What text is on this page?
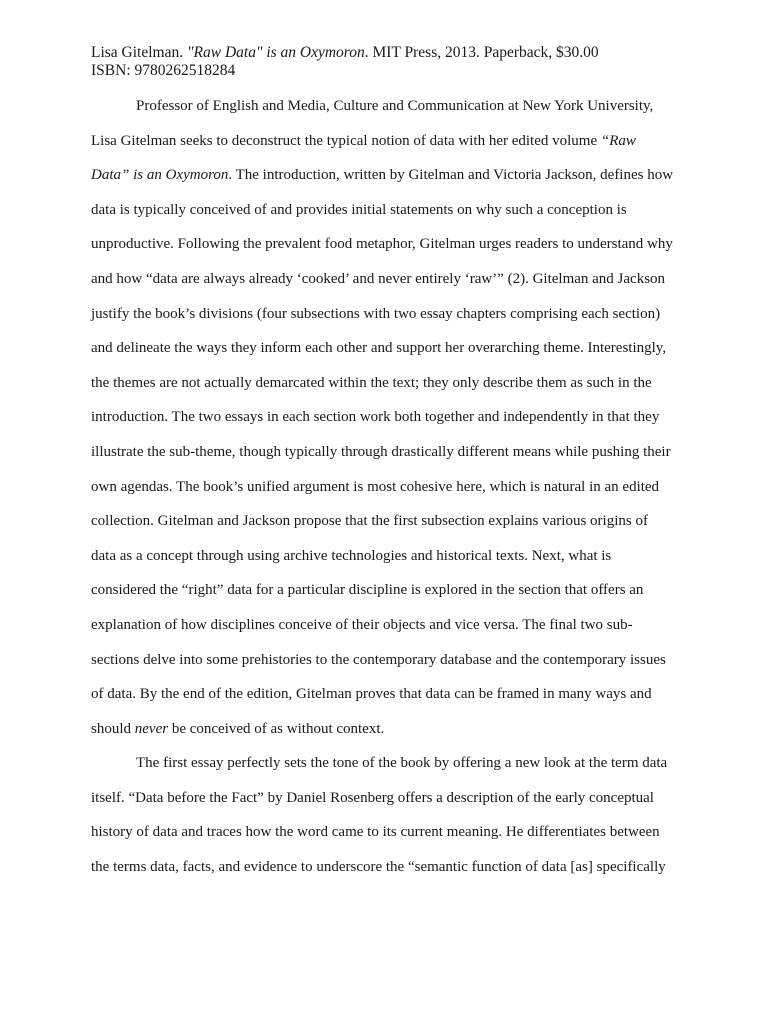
Lisa Gitelman. "Raw Data" is an Oxymoron. MIT Press, 2013. Paperback, $30.00
ISBN: 9780262518284
Professor of English and Media, Culture and Communication at New York University,
Lisa Gitelman seeks to deconstruct the typical notion of data with her edited volume “Raw
Data” is an Oxymoron. The introduction, written by Gitelman and Victoria Jackson, defines how
data is typically conceived of and provides initial statements on why such a conception is
unproductive. Following the prevalent food metaphor, Gitelman urges readers to understand why
and how “data are always already ‘cooked’ and never entirely ‘raw’” (2). Gitelman and Jackson
justify the book’s divisions (four subsections with two essay chapters comprising each section)
and delineate the ways they inform each other and support her overarching theme. Interestingly,
the themes are not actually demarcated within the text; they only describe them as such in the
introduction. The two essays in each section work both together and independently in that they
illustrate the sub-theme, though typically through drastically different means while pushing their
own agendas. The book’s unified argument is most cohesive here, which is natural in an edited
collection. Gitelman and Jackson propose that the first subsection explains various origins of
data as a concept through using archive technologies and historical texts. Next, what is
considered the “right” data for a particular discipline is explored in the section that offers an
explanation of how disciplines conceive of their objects and vice versa. The final two sub-
sections delve into some prehistories to the contemporary database and the contemporary issues
of data. By the end of the edition, Gitelman proves that data can be framed in many ways and
should never be conceived of as without context.
The first essay perfectly sets the tone of the book by offering a new look at the term data
itself. “Data before the Fact” by Daniel Rosenberg offers a description of the early conceptual
history of data and traces how the word came to its current meaning. He differentiates between
the terms data, facts, and evidence to underscore the “semantic function of data [as] specifically
